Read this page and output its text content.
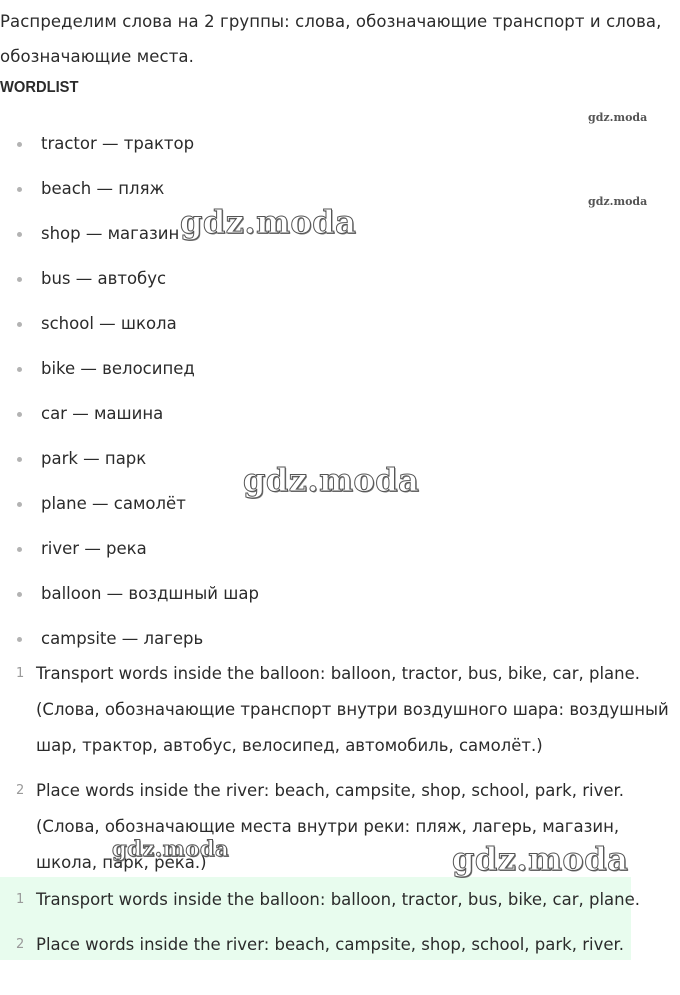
Распределим слова на 2 группы: слова, обозначающие транспорт и слова, обозначающие места.
WORDLIST
tractor — трактор
beach — пляж
shop — магазин
bus — автобус
school — школа
bike — велосипед
car — машина
park — парк
plane — самолёт
river — река
balloon — воздшный шар
campsite — лагерь
1 Transport words inside the balloon: balloon, tractor, bus, bike, car, plane. (Слова, обозначающие транспорт внутри воздушного шара: воздушный шар, трактор, автобус, велосипед, автомобиль, самолёт.)
2 Place words inside the river: beach, campsite, shop, school, park, river. (Слова, обозначающие места внутри реки: пляж, лагерь, магазин, школа, парк, река.)
1 Transport words inside the balloon: balloon, tractor, bus, bike, car, plane.
2 Place words inside the river: beach, campsite, shop, school, park, river.
gdz.moda
gdz.moda
gdz.moda
gdz.moda
gdz.moda	gdz.moda
